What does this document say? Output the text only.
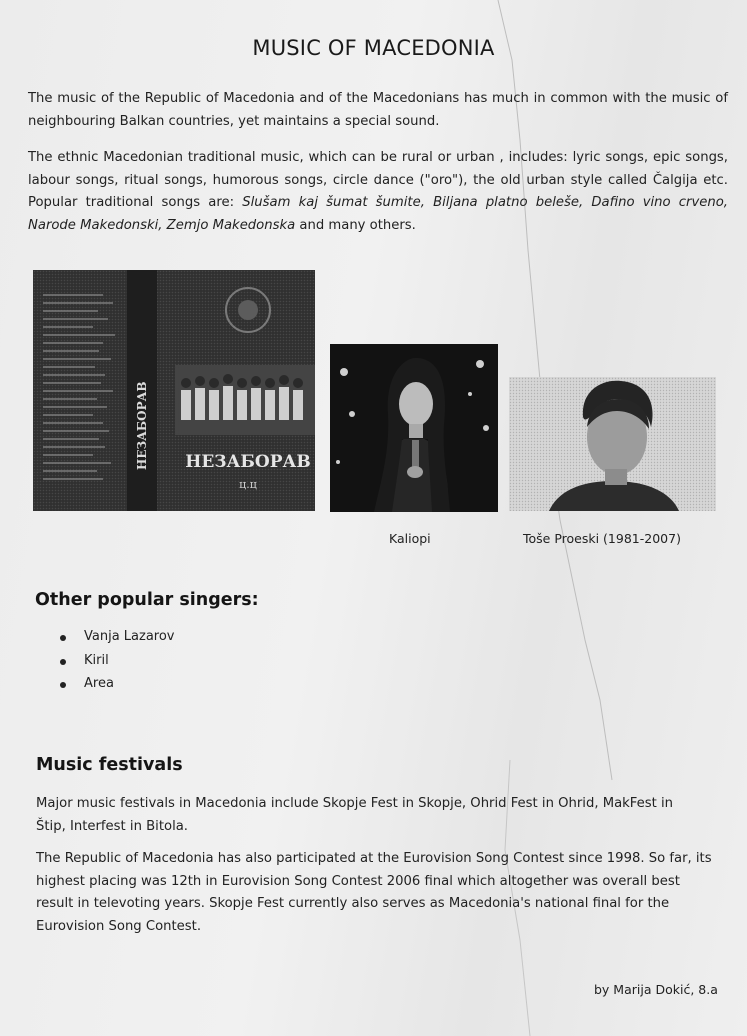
MUSIC OF MACEDONIA

The music of the Republic of Macedonia and of the Macedonians has much in common with the music of neighbouring Balkan countries, yet maintains a special sound.

The ethnic Macedonian traditional music, which can be rural or urban , includes: lyric songs, epic songs, labour songs, ritual songs, humorous songs, circle dance ("oro"), the old urban style called Čalgija etc. Popular traditional songs are: Slušam kaj šumat šumite, Biljana platno beleše, Dafino vino crveno, Narode Makedonski, Zemjo Makedonska and many others.

НЕЗАБОРАВ
ц.ц
НЕЗАБОРАВ
Kaliopi	Toše Proeski (1981-2007)
Other popular singers:
Vanja Lazarov
Kiril
Area
Music festivals

Major music festivals in Macedonia include Skopje Fest in Skopje, Ohrid Fest in Ohrid, MakFest in Štip, Interfest in Bitola.

The Republic of Macedonia has also participated at the Eurovision Song Contest since 1998. So far, its highest placing was 12th in Eurovision Song Contest 2006 final which altogether was overall best result in televoting years. Skopje Fest currently also serves as Macedonia's national final for the Eurovision Song Contest.

by Marija Dokić, 8.a
